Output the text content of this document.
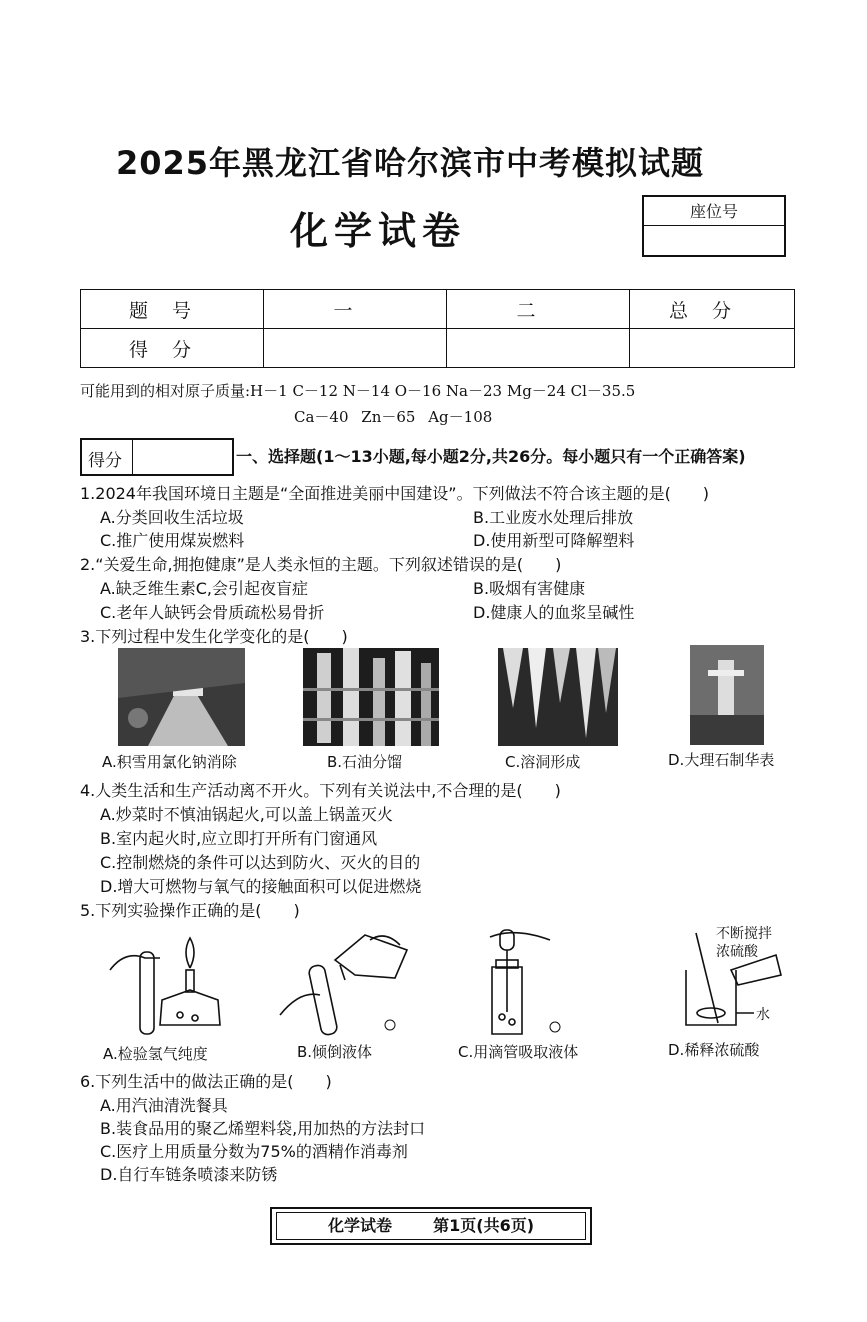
2025年黑龙江省哈尔滨市中考模拟试题
化学试卷	座位号
题号	一	二	总分
得分			
可能用到的相对原子质量:H－1 C－12 N－14 O－16 Na－23 Mg－24 Cl－35.5
Ca－40 Zn－65 Ag－108
得分	一、选择题(1～13小题,每小题2分,共26分。每小题只有一个正确答案)
1.2024年我国环境日主题是“全面推进美丽中国建设”。下列做法不符合该主题的是(　　)
A.分类回收生活垃圾	B.工业废水处理后排放
C.推广使用煤炭燃料	D.使用新型可降解塑料
2.“关爱生命,拥抱健康”是人类永恒的主题。下列叙述错误的是(　　)
A.缺乏维生素C,会引起夜盲症	B.吸烟有害健康
C.老年人缺钙会骨质疏松易骨折	D.健康人的血浆呈碱性
3.下列过程中发生化学变化的是(　　)
A.积雪用氯化钠消除	B.石油分馏	C.溶洞形成	D.大理石制华表
4.人类生活和生产活动离不开火。下列有关说法中,不合理的是(　　)
A.炒菜时不慎油锅起火,可以盖上锅盖灭火
B.室内起火时,应立即打开所有门窗通风
C.控制燃烧的条件可以达到防火、灭火的目的
D.增大可燃物与氧气的接触面积可以促进燃烧
5.下列实验操作正确的是(　　)
不断搅拌
浓硫酸
水
A.检验氢气纯度	B.倾倒液体	C.用滴管吸取液体	D.稀释浓硫酸
6.下列生活中的做法正确的是(　　)
A.用汽油清洗餐具
B.装食品用的聚乙烯塑料袋,用加热的方法封口
C.医疗上用质量分数为75%的酒精作消毒剂
D.自行车链条喷漆来防锈
化学试卷	第1页(共6页)
